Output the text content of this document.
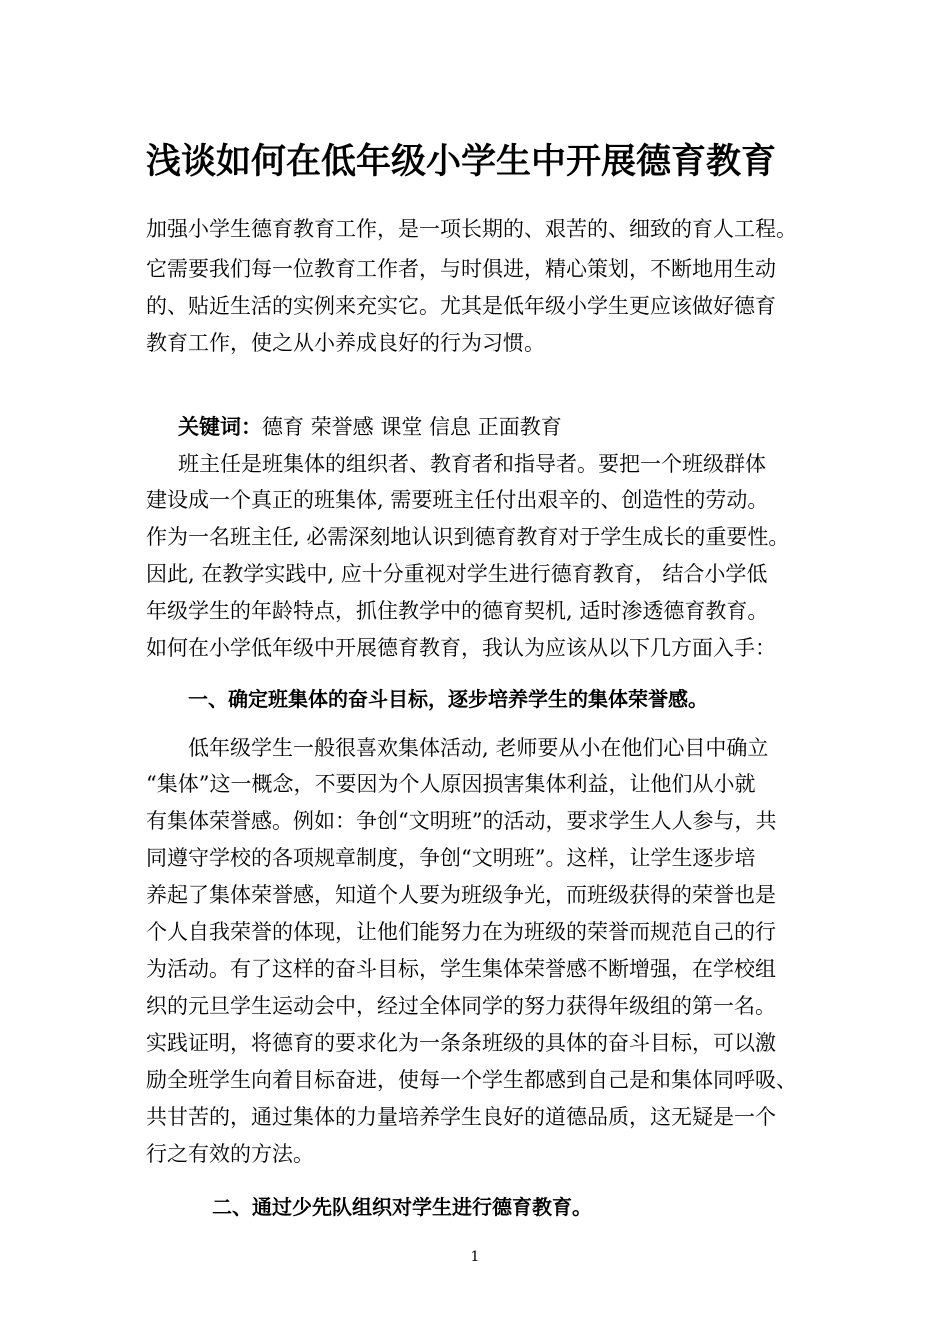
浅谈如何在低年级小学生中开展德育教育

加强小学生德育教育工作，是一项长期的、艰苦的、细致的育人工程。

它需要我们每一位教育工作者，与时俱进，精心策划，不断地用生动

的、贴近生活的实例来充实它。尤其是低年级小学生更应该做好德育

教育工作，使之从小养成良好的行为习惯。

关键词：德育 荣誉感 课堂 信息 正面教育

班主任是班集体的组织者、教育者和指导者。要把一个班级群体

建设成一个真正的班集体, 需要班主任付出艰辛的、创造性的劳动。

作为一名班主任, 必需深刻地认识到德育教育对于学生成长的重要性。

因此, 在教学实践中, 应十分重视对学生进行德育教育， 结合小学低

年级学生的年龄特点，抓住教学中的德育契机, 适时渗透德育教育。

如何在小学低年级中开展德育教育，我认为应该从以下几方面入手：

一、确定班集体的奋斗目标，逐步培养学生的集体荣誉感。

低年级学生一般很喜欢集体活动, 老师要从小在他们心目中确立

“集体”这一概念，不要因为个人原因损害集体利益，让他们从小就

有集体荣誉感。例如：争创“文明班”的活动，要求学生人人参与，共

同遵守学校的各项规章制度，争创“文明班”。这样，让学生逐步培

养起了集体荣誉感，知道个人要为班级争光，而班级获得的荣誉也是

个人自我荣誉的体现，让他们能努力在为班级的荣誉而规范自己的行

为活动。有了这样的奋斗目标，学生集体荣誉感不断增强，在学校组

织的元旦学生运动会中，经过全体同学的努力获得年级组的第一名。

实践证明，将德育的要求化为一条条班级的具体的奋斗目标，可以激

励全班学生向着目标奋进，使每一个学生都感到自己是和集体同呼吸、

共甘苦的，通过集体的力量培养学生良好的道德品质，这无疑是一个

行之有效的方法。

二、通过少先队组织对学生进行德育教育。

1
